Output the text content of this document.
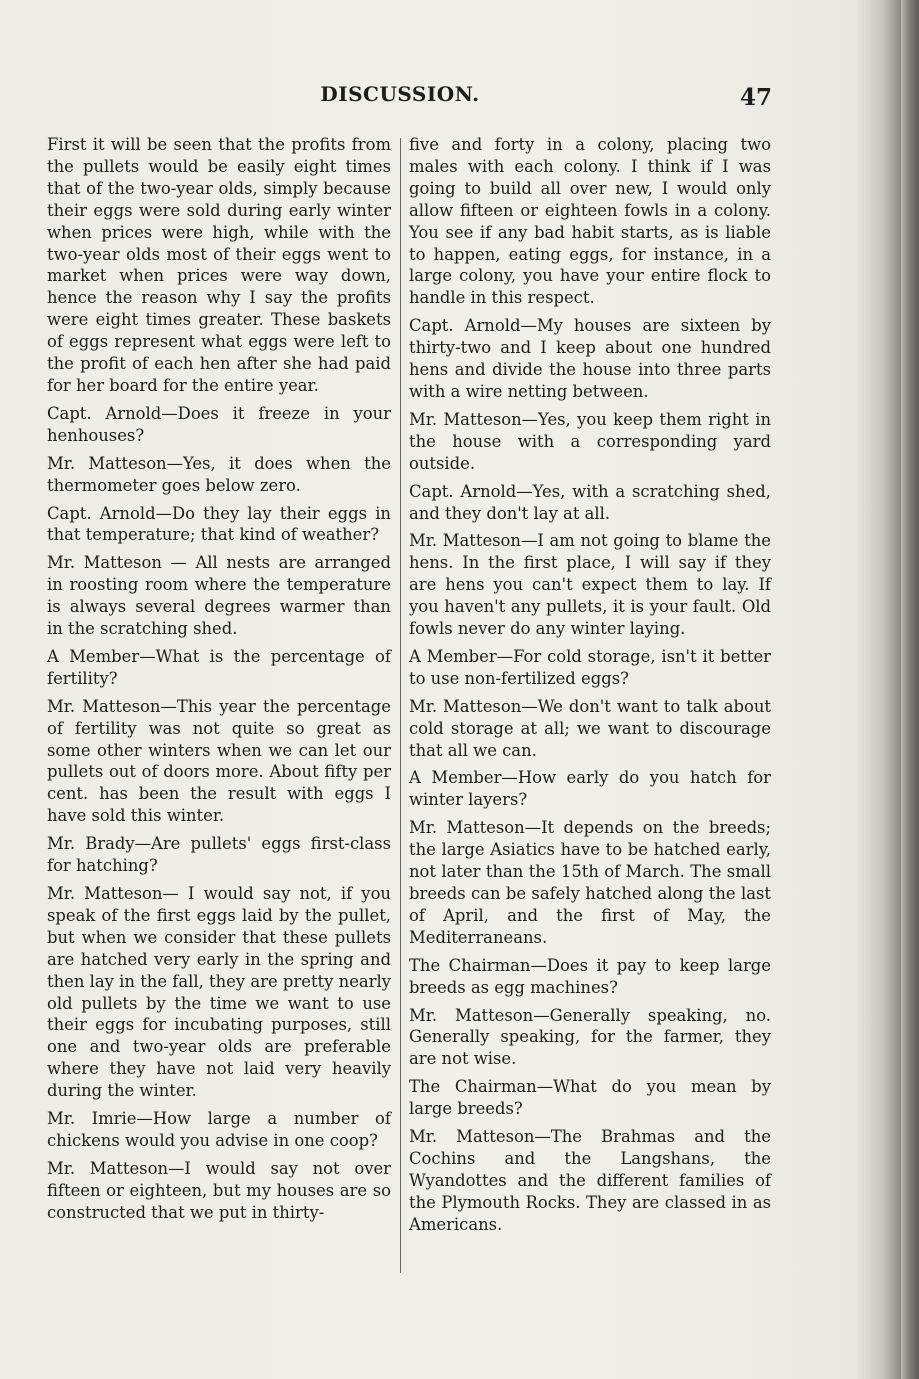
DISCUSSION.	47

First it will be seen that the profits from the pullets would be easily eight times that of the two-year olds, simply because their eggs were sold during early winter when prices were high, while with the two-year olds most of their eggs went to market when prices were way down, hence the reason why I say the profits were eight times greater. These baskets of eggs represent what eggs were left to the profit of each hen after she had paid for her board for the entire year.

Capt. Arnold—Does it freeze in your henhouses?

Mr. Matteson—Yes, it does when the thermometer goes below zero.

Capt. Arnold—Do they lay their eggs in that temperature; that kind of weather?

Mr. Matteson — All nests are arranged in roosting room where the temperature is always several degrees warmer than in the scratching shed.

A Member—What is the percentage of fertility?

Mr. Matteson—This year the percentage of fertility was not quite so great as some other winters when we can let our pullets out of doors more. About fifty per cent. has been the result with eggs I have sold this winter.

Mr. Brady—Are pullets' eggs first-class for hatching?

Mr. Matteson— I would say not, if you speak of the first eggs laid by the pullet, but when we consider that these pullets are hatched very early in the spring and then lay in the fall, they are pretty nearly old pullets by the time we want to use their eggs for incubating purposes, still one and two-year olds are preferable where they have not laid very heavily during the winter.

Mr. Imrie—How large a number of chickens would you advise in one coop?

Mr. Matteson—I would say not over fifteen or eighteen, but my houses are so constructed that we put in thirty-

five and forty in a colony, placing two males with each colony. I think if I was going to build all over new, I would only allow fifteen or eighteen fowls in a colony. You see if any bad habit starts, as is liable to happen, eating eggs, for instance, in a large colony, you have your entire flock to handle in this respect.

Capt. Arnold—My houses are sixteen by thirty-two and I keep about one hundred hens and divide the house into three parts with a wire netting between.

Mr. Matteson—Yes, you keep them right in the house with a corresponding yard outside.

Capt. Arnold—Yes, with a scratching shed, and they don't lay at all.

Mr. Matteson—I am not going to blame the hens. In the first place, I will say if they are hens you can't expect them to lay. If you haven't any pullets, it is your fault. Old fowls never do any winter laying.

A Member—For cold storage, isn't it better to use non-fertilized eggs?

Mr. Matteson—We don't want to talk about cold storage at all; we want to discourage that all we can.

A Member—How early do you hatch for winter layers?

Mr. Matteson—It depends on the breeds; the large Asiatics have to be hatched early, not later than the 15th of March. The small breeds can be safely hatched along the last of April, and the first of May, the Mediterraneans.

The Chairman—Does it pay to keep large breeds as egg machines?

Mr. Matteson—Generally speaking, no. Generally speaking, for the farmer, they are not wise.

The Chairman—What do you mean by large breeds?

Mr. Matteson—The Brahmas and the Cochins and the Langshans, the Wyandottes and the different families of the Plymouth Rocks. They are classed in as Americans.
